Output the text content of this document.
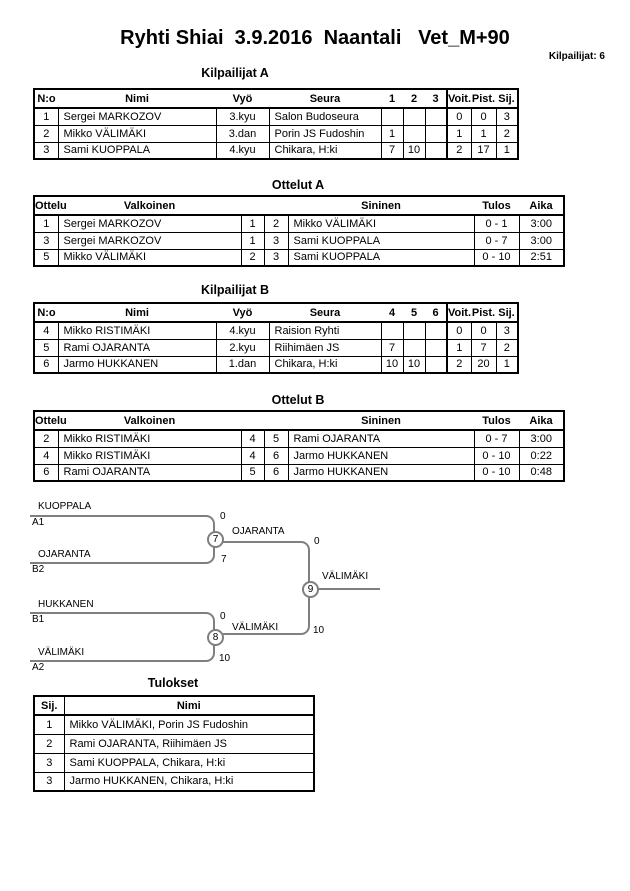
Ryhti Shiai  3.9.2016  Naantali   Vet_M+90
Kilpailijat: 6
Kilpailijat A
N:o	Nimi	Vyö	Seura	1	2	3	Voit.	Pist.	Sij.
1	Sergei MARKOZOV	3.kyu	Salon Budoseura				0	0	3
2	Mikko VÄLIMÄKI	3.dan	Porin JS Fudoshin	1			1	1	2
3	Sami KUOPPALA	4.kyu	Chikara, H:ki	7	10		2	17	1
Ottelut A
Ottelu	Valkoinen			Sininen	Tulos	Aika
1	Sergei MARKOZOV	1	2	Mikko VÄLIMÄKI	0 - 1	3:00
3	Sergei MARKOZOV	1	3	Sami KUOPPALA	0 - 7	3:00
5	Mikko VÄLIMÄKI	2	3	Sami KUOPPALA	0 - 10	2:51
Kilpailijat B
N:o	Nimi	Vyö	Seura	4	5	6	Voit.	Pist.	Sij.
4	Mikko RISTIMÄKI	4.kyu	Raision Ryhti				0	0	3
5	Rami OJARANTA	2.kyu	Riihimäen JS	7			1	7	2
6	Jarmo HUKKANEN	1.dan	Chikara, H:ki	10	10		2	20	1
Ottelut B
Ottelu	Valkoinen			Sininen	Tulos	Aika
2	Mikko RISTIMÄKI	4	5	Rami OJARANTA	0 - 7	3:00
4	Mikko RISTIMÄKI	4	6	Jarmo HUKKANEN	0 - 10	0:22
6	Rami OJARANTA	5	6	Jarmo HUKKANEN	0 - 10	0:48
KUOPPALA
A1
0
OJARANTA
B2
7
OJARANTA
0
7
HUKKANEN
B1	0
VÄLIMÄKI
A2
10
VÄLIMÄKI	10
8
VÄLIMÄKI
9
Tulokset
Sij.	Nimi
1	Mikko VÄLIMÄKI, Porin JS Fudoshin
2	Rami OJARANTA, Riihimäen JS
3	Sami KUOPPALA, Chikara, H:ki
3	Jarmo HUKKANEN, Chikara, H:ki
